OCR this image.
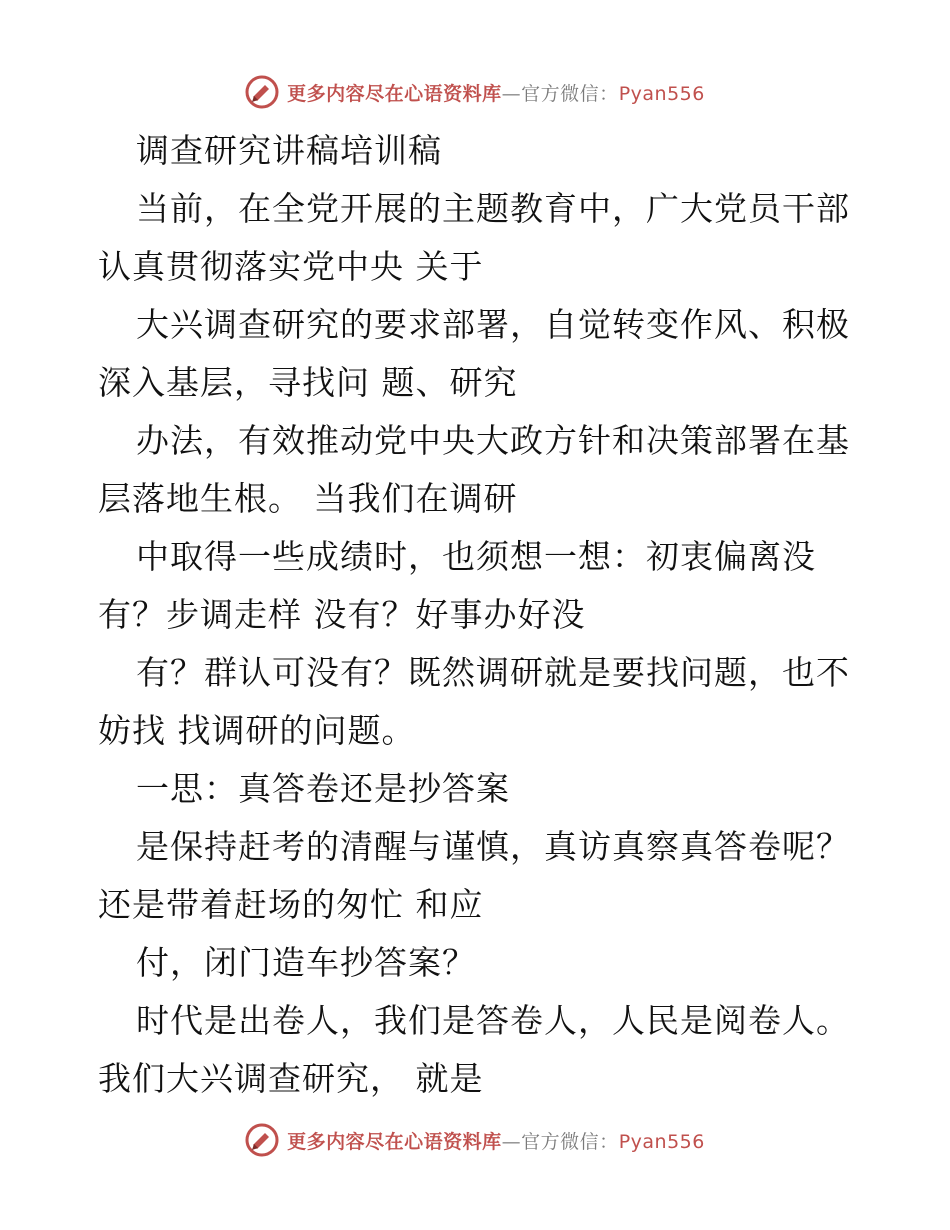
更多内容尽在心语资料库—官方微信：Pyan556
调查研究讲稿培训稿
当前，在全党开展的主题教育中，广大党员干部
认真贯彻落实党中央 关于
大兴调查研究的要求部署，自觉转变作风、积极
深入基层，寻找问 题、研究
办法，有效推动党中央大政方针和决策部署在基
层落地生根。 当我们在调研
中取得一些成绩时，也须想一想：初衷偏离没
有？步调走样 没有？好事办好没
有？群认可没有？既然调研就是要找问题，也不
妨找 找调研的问题。
一思：真答卷还是抄答案
是保持赶考的清醒与谨慎，真访真察真答卷呢？
还是带着赶场的匆忙 和应
付，闭门造车抄答案？
时代是出卷人，我们是答卷人，人民是阅卷人。
我们大兴调查研究， 就是
更多内容尽在心语资料库—官方微信：Pyan556
